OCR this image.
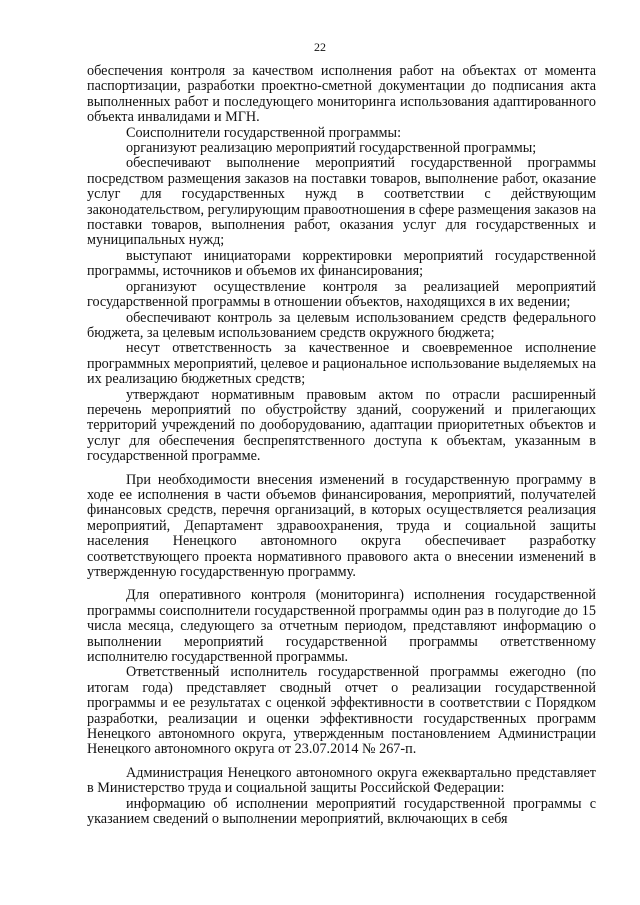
22

обеспечения контроля за качеством исполнения работ на объектах от момента паспортизации, разработки проектно-сметной документации до подписания акта выполненных работ и последующего мониторинга использования адаптированного объекта инвалидами и МГН.

Соисполнители государственной программы:

организуют реализацию мероприятий государственной программы;

обеспечивают выполнение мероприятий государственной программы посредством размещения заказов на поставки товаров, выполнение работ, оказание услуг для государственных нужд в соответствии с действующим законодательством, регулирующим правоотношения в сфере размещения заказов на поставки товаров, выполнения работ, оказания услуг для государственных и муниципальных нужд;

выступают инициаторами корректировки мероприятий государственной программы, источников и объемов их финансирования;

организуют осуществление контроля за реализацией мероприятий государственной программы в отношении объектов, находящихся в их ведении;

обеспечивают контроль за целевым использованием средств федерального бюджета, за целевым использованием средств окружного бюджета;

несут ответственность за качественное и своевременное исполнение программных мероприятий, целевое и рациональное использование выделяемых на их реализацию бюджетных средств;

утверждают нормативным правовым актом по отрасли расширенный перечень мероприятий по обустройству зданий, сооружений и прилегающих территорий учреждений по дооборудованию, адаптации приоритетных объектов и услуг для обеспечения беспрепятственного доступа к объектам, указанным в государственной программе.

При необходимости внесения изменений в государственную программу в ходе ее исполнения в части объемов финансирования, мероприятий, получателей финансовых средств, перечня организаций, в которых осуществляется реализация мероприятий, Департамент здравоохранения, труда и социальной защиты населения Ненецкого автономного округа обеспечивает разработку соответствующего проекта нормативного правового акта о внесении изменений в утвержденную государственную программу.

Для оперативного контроля (мониторинга) исполнения государственной программы соисполнители государственной программы один раз в полугодие до 15 числа месяца, следующего за отчетным периодом, представляют информацию о выполнении мероприятий государственной программы ответственному исполнителю государственной программы.

Ответственный исполнитель государственной программы ежегодно (по итогам года) представляет сводный отчет о реализации государственной программы и ее результатах с оценкой эффективности в соответствии с Порядком разработки, реализации и оценки эффективности государственных программ Ненецкого автономного округа, утвержденным постановлением Администрации Ненецкого автономного округа от 23.07.2014 № 267-п.

Администрация Ненецкого автономного округа ежеквартально представляет в Министерство труда и социальной защиты Российской Федерации:

информацию об исполнении мероприятий государственной программы с указанием сведений о выполнении мероприятий, включающих в себя
